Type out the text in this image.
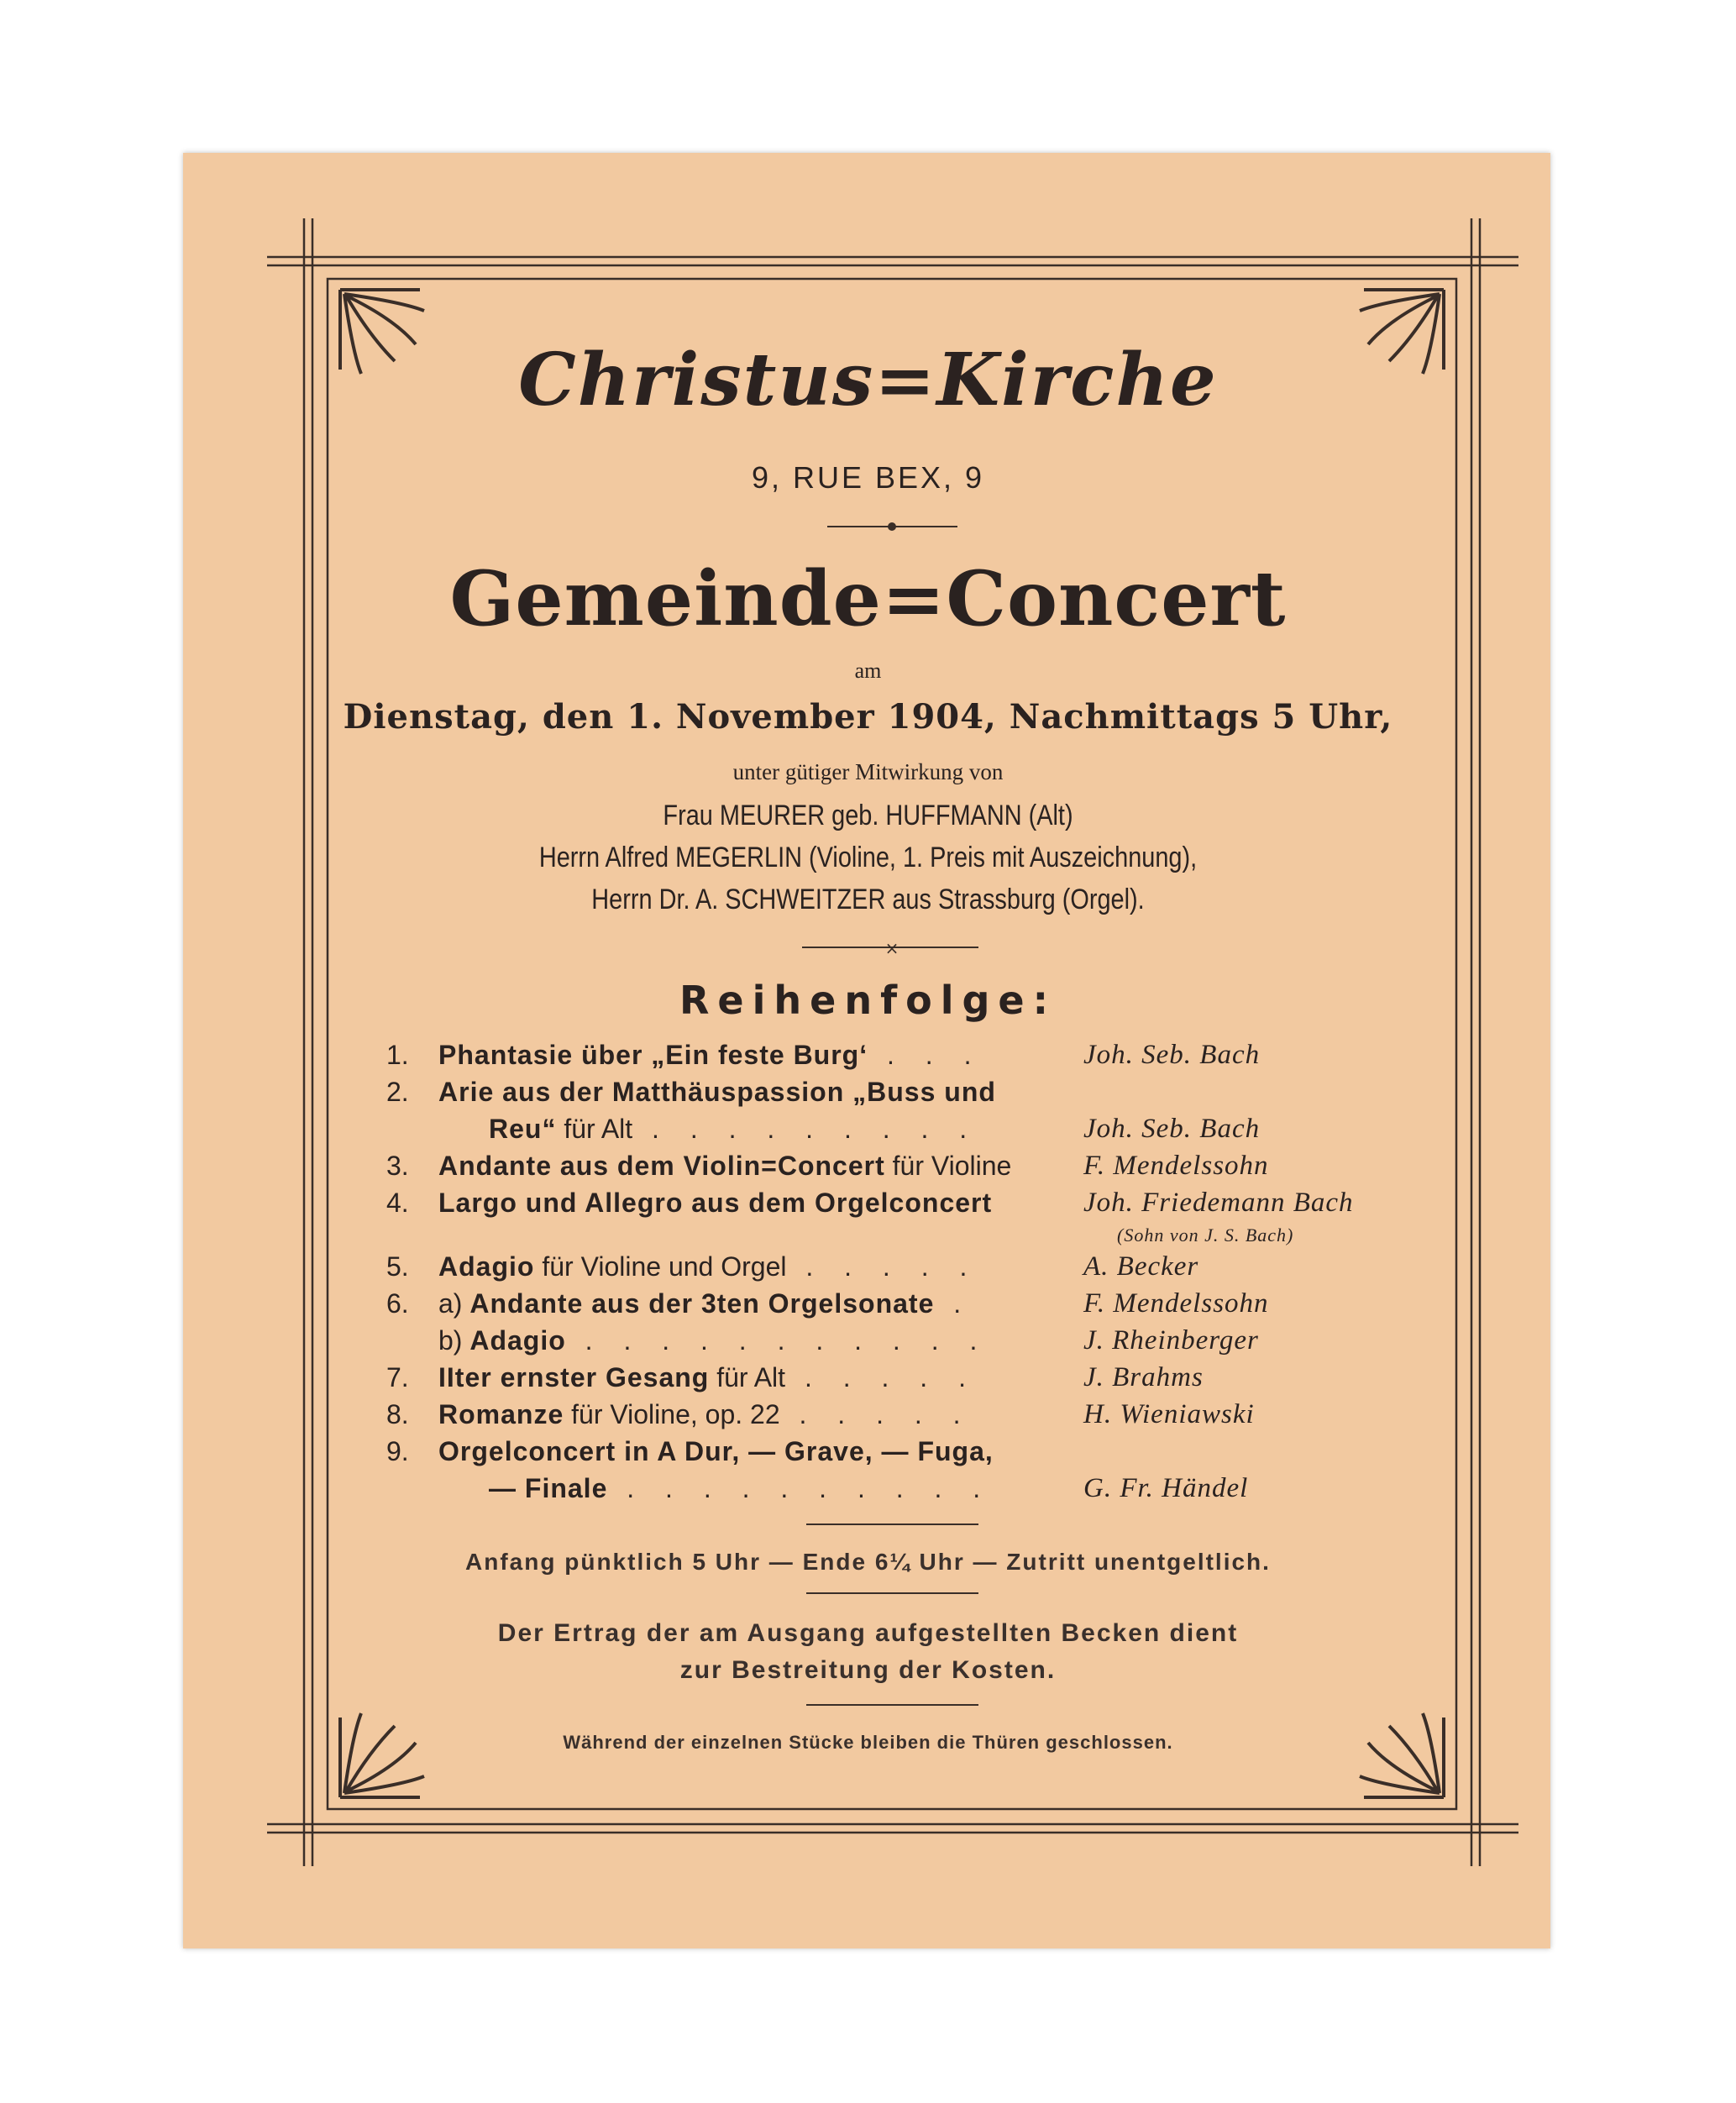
×
Christus=Kirche
9, RUE BEX, 9
Gemeinde=Concert
am
Dienstag, den 1. November 1904, Nachmittags 5 Uhr,
unter gütiger Mitwirkung von
Frau MEURER geb. HUFFMANN (Alt)
Herrn Alfred MEGERLIN (Violine, 1. Preis mit Auszeichnung),
Herrn Dr. A. SCHWEITZER aus Strassburg (Orgel).
Reihenfolge:
1.	Phantasie über „Ein feste Burg‘ . . .	Joh. Seb. Bach
2.	Arie aus der Matthäuspassion „Buss und
Reu“ für Alt . . . . . . . . .	Joh. Seb. Bach
3.	Andante aus dem Violin=Concert für Violine	F. Mendelssohn
4.	Largo und Allegro aus dem Orgelconcert	Joh. Friedemann Bach
(Sohn von J. S. Bach)
5.	Adagio für Violine und Orgel . . . . .	A. Becker
6.	a) Andante aus der 3ten Orgelsonate .	F. Mendelssohn
b) Adagio . . . . . . . . . . .	J. Rheinberger
7.	IIter ernster Gesang für Alt . . . . .	J. Brahms
8.	Romanze für Violine, op. 22 . . . . .	H. Wieniawski
9.	Orgelconcert in A Dur, — Grave, — Fuga,
— Finale . . . . . . . . . .	G. Fr. Händel
Anfang pünktlich 5 Uhr — Ende 6¼ Uhr — Zutritt unentgeltlich.
Der Ertrag der am Ausgang aufgestellten Becken dient
zur Bestreitung der Kosten.
Während der einzelnen Stücke bleiben die Thüren geschlossen.
